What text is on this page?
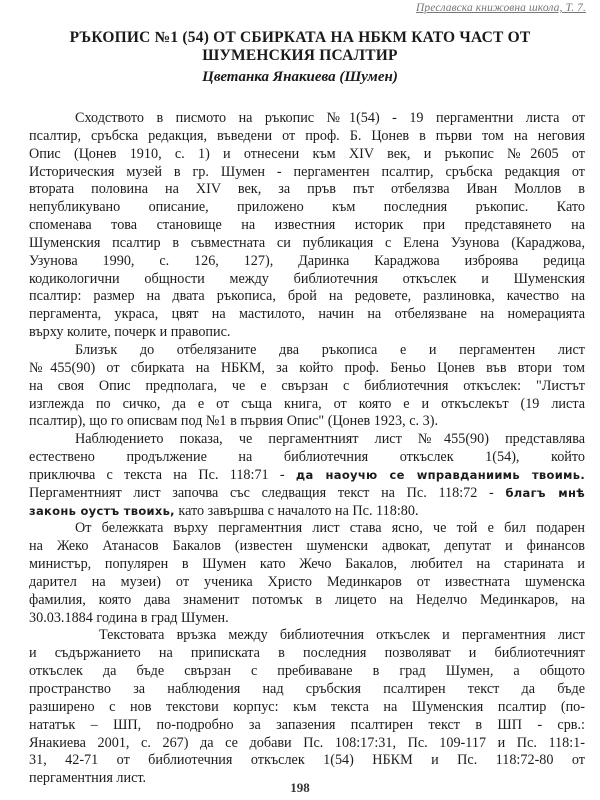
Преславска книжовна школа, Т. 7.
РЪКОПИС №1 (54) ОТ СБИРКАТА НА НБКМ КАТО ЧАСТ ОТ
ШУМЕНСКИЯ ПСАЛТИР
Цветанка Янакиева (Шумен)
Сходството в писмото на ръкопис №1(54) - 19 пергаментни листа от
псалтир, сръбска редакция, въведени от проф. Б. Цонев в първи том на неговия
Опис (Цонев 1910, с. 1) и отнесени към XIV век, и ръкопис №2605 от
Историческия музей в гр. Шумен - пергаментен псалтир, сръбска редакция от
втората половина на XIV век, за пръв път отбелязва Иван Моллов в
непубликувано описание, приложено към последния ръкопис. Като
споменава това становище на известния историк при представянето на
Шуменския псалтир в съвместната си публикация с Елена Узунова (Караджова,
Узунова 1990, с. 126, 127), Даринка Караджова изброява редица
кодикологични общности между библиотечния откъслек и Шуменския
псалтир: размер на двата ръкописа, брой на редовете, разлиновка, качество на
пергамента, украса, цвят на мастилото, начин на отбелязване на номерацията
върху колите, почерк и правопис.
Близък до отбелязаните два ръкописа е и пергаментен лист
№455(90) от сбирката на НБКМ, за който проф. Беньо Цонев във втори том
на своя Опис предполага, че е свързан с библиотечния откъслек: "Листът
изглежда по сичко, да е от съща книга, от която е и откъслекът (19 листа
псалтир), що го описвам под №1 в първия Опис" (Цонев 1923, с. 3).
Наблюдението показа, че пергаментният лист №455(90) представлява
естествено продължение на библиотечния откъслек 1(54), който
приключва с текста на Пс. 118:71 - да наоучю се wправданиимь твоимь.
Пергаментният лист започва със следващия текст на Пс. 118:72 - благъ мнѣ
законь оустъ твоихь, като завършва с началото на Пс. 118:80.
От бележката върху пергаментния лист става ясно, че той е бил подарен
на Жеко Атанасов Бакалов (известен шуменски адвокат, депутат и финансов
министър, популярен в Шумен като Жечо Бакалов, любител на старината и
дарител на музеи) от ученика Христо Мединкаров от известната шуменска
фамилия, която дава знаменит потомък в лицето на Неделчо Мединкаров, на
30.03.1884 година в град Шумен.
Текстовата връзка между библиотечния откъслек и пергаментния лист
и съдържанието на приписката в последния позволяват и библиотечният
откъслек да бъде свързан с пребиваване в град Шумен, а общото
пространство за наблюдения над сръбския псалтирен текст да бъде
разширено с нов текстови корпус: към текста на Шуменския псалтир (по-
нататък – ШП, по-подробно за запазения псалтирен текст в ШП - срв.:
Янакиева 2001, с. 267) да се добави Пс. 108:17:31, Пс. 109-117 и Пс. 118:1-
31, 42-71 от библиотечния откъслек 1(54) НБКМ и Пс. 118:72-80 от
пергаментния лист.
198
